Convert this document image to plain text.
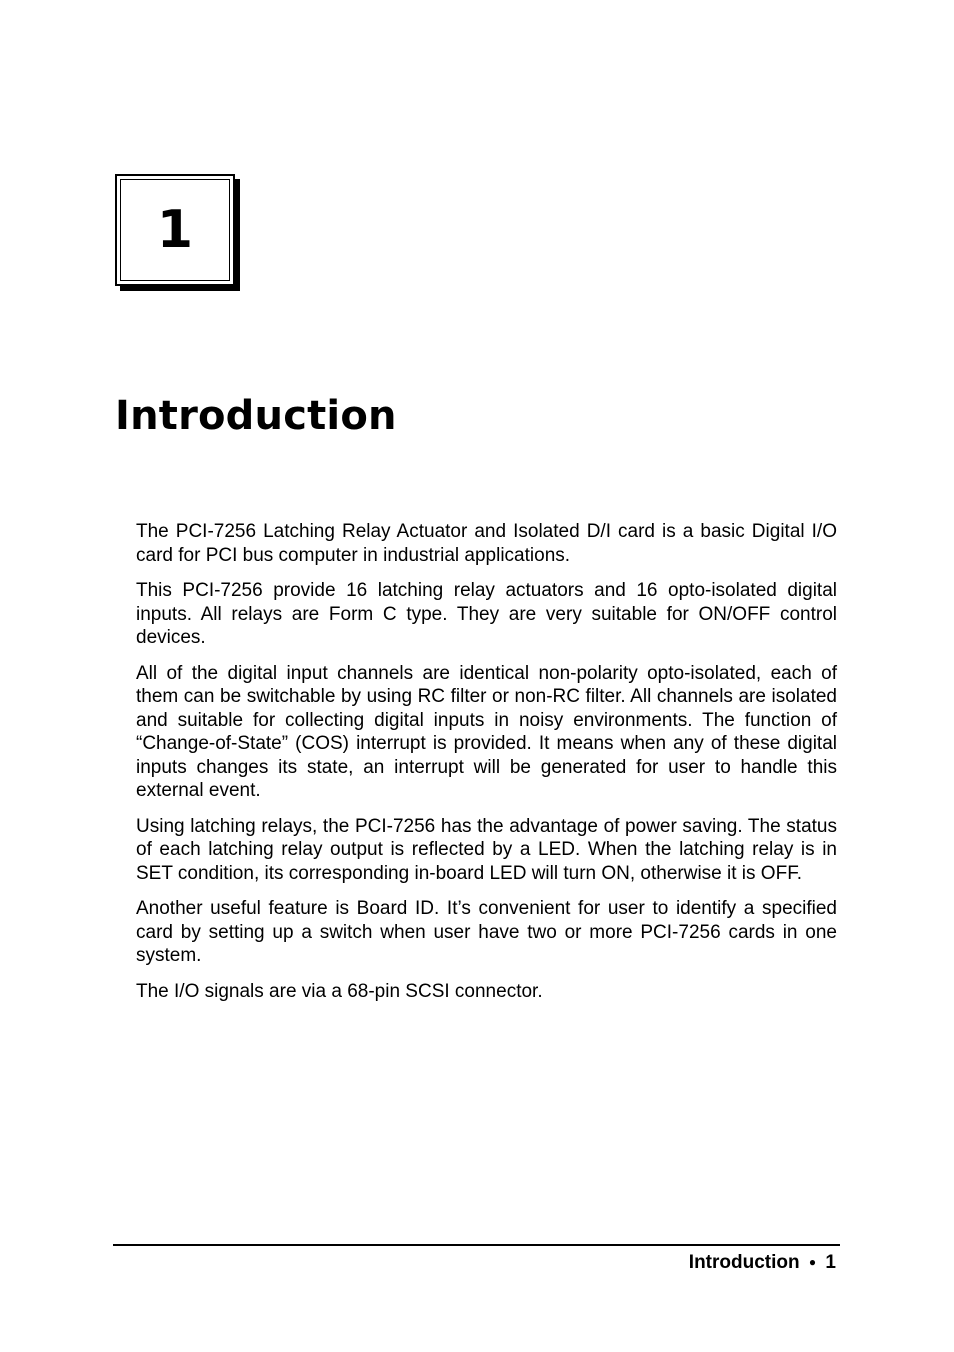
1
Introduction

The PCI-7256 Latching Relay Actuator and Isolated D/I card is a basic Digital I/O card for PCI bus computer in industrial applications.

This PCI-7256 provide 16 latching relay actuators and 16 opto-isolated digital inputs. All relays are Form C type. They are very suitable for ON/OFF control devices.

All of the digital input channels are identical non-polarity opto-isolated, each of them can be switchable by using RC filter or non-RC filter. All channels are isolated and suitable for collecting digital inputs in noisy environments. The function of “Change-of-State” (COS) interrupt is provided. It means when any of these digital inputs changes its state, an interrupt will be generated for user to handle this external event.

Using latching relays, the PCI-7256 has the advantage of power saving. The status of each latching relay output is reflected by a LED. When the latching relay is in SET condition, its corresponding in-board LED will turn ON, otherwise it is OFF.

Another useful feature is Board ID. It’s convenient for user to identify a specified card by setting up a switch when user have two or more PCI-7256 cards in one system.

The I/O signals are via a 68-pin SCSI connector.

Introduction ● 1
